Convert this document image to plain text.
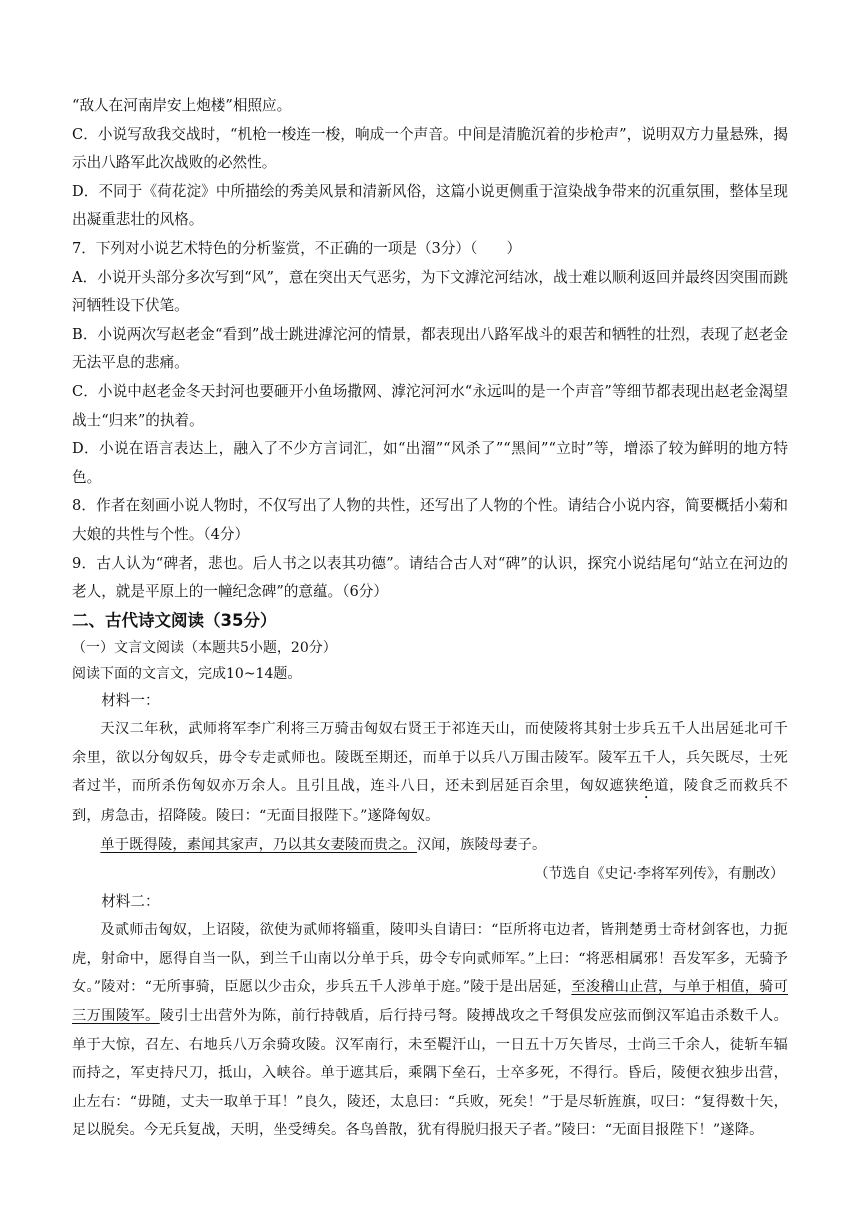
“敌人在河南岸安上炮楼”相照应。

C．小说写敌我交战时，“机枪一梭连一梭，响成一个声音。中间是清脆沉着的步枪声”，说明双方力量悬殊，揭示出八路军此次战败的必然性。

D．不同于《荷花淀》中所描绘的秀美风景和清新风俗，这篇小说更侧重于渲染战争带来的沉重氛围，整体呈现出凝重悲壮的风格。

7．下列对小说艺术特色的分析鉴赏，不正确的一项是（3分）（　　）

A．小说开头部分多次写到“风”，意在突出天气恶劣，为下文滹沱河结冰，战士难以顺利返回并最终因突围而跳河牺牲设下伏笔。

B．小说两次写赵老金“看到”战士跳进滹沱河的情景，都表现出八路军战斗的艰苦和牺牲的壮烈，表现了赵老金无法平息的悲痛。

C．小说中赵老金冬天封河也要砸开小鱼场撒网、滹沱河河水“永远叫的是一个声音”等细节都表现出赵老金渴望战士“归来”的执着。

D．小说在语言表达上，融入了不少方言词汇，如“出溜”“风杀了”“黑间”“立时”等，增添了较为鲜明的地方特色。

8．作者在刻画小说人物时，不仅写出了人物的共性，还写出了人物的个性。请结合小说内容，简要概括小菊和大娘的共性与个性。（4分）

9．古人认为“碑者，悲也。后人书之以表其功德”。请结合古人对“碑”的认识，探究小说结尾句“站立在河边的老人，就是平原上的一幢纪念碑”的意蕴。（6分）

二、古代诗文阅读（35分）

（一）文言文阅读（本题共5小题，20分）

阅读下面的文言文，完成10~14题。

材料一：

天汉二年秋，武师将军李广利将三万骑击匈奴右贤王于祁连天山，而使陵将其射士步兵五千人出居延北可千余里，欲以分匈奴兵，毋令专走贰师也。陵既至期还，而单于以兵八万围击陵军。陵军五千人，兵矢既尽，士死者过半，而所杀伤匈奴亦万余人。且引且战，连斗八日，还未到居延百余里，匈奴遮狭绝道，陵食乏而救兵不到，虏急击，招降陵。陵曰：“无面目报陛下。”遂降匈奴。

单于既得陵，素闻其家声，乃以其女妻陵而贵之。汉闻，族陵母妻子。

（节选自《史记·李将军列传》，有删改）

材料二：

及贰师击匈奴，上诏陵，欲使为贰师将辎重，陵叩头自请曰：“臣所将屯边者，皆荆楚勇士奇材剑客也，力扼虎，射命中，愿得自当一队，到兰千山南以分单于兵，毋令专向贰师军。”上曰：“将恶相属邪！吾发军多，无骑予女。”陵对：“无所事骑，臣愿以少击众，步兵五千人涉单于庭。”陵于是出居延，至浚稽山止营，与单于相值，骑可三万围陵军。陵引士出营外为陈，前行持戟盾，后行持弓弩。陵搏战攻之千弩俱发应弦而倒汉军追击杀数千人。单于大惊，召左、右地兵八万余骑攻陵。汉军南行，未至鞮汗山，一日五十万矢皆尽，士尚三千余人，徒斩车辐而持之，军吏持尺刀，抵山，入峡谷。单于遮其后，乘隅下垒石，士卒多死，不得行。昏后，陵便衣独步出营，止左右：“毋随，丈夫一取单于耳！”良久，陵还，太息曰：“兵败，死矣！”于是尽斩旌旗，叹曰：“复得数十矢，足以脱矣。今无兵复战，天明，坐受缚矣。各鸟兽散，犹有得脱归报天子者。”陵曰：“无面目报陛下！”遂降。
